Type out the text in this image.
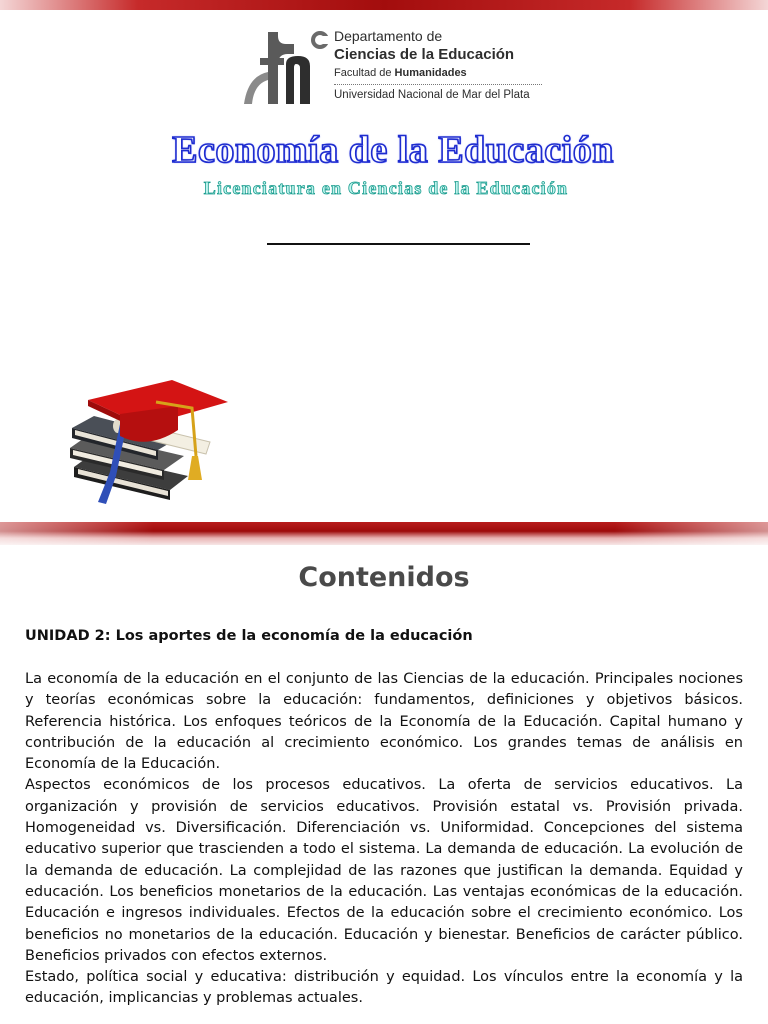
Departamento de
Ciencias de la Educación
Facultad de Humanidades
Universidad Nacional de Mar del Plata
Economía de la Educación
Licenciatura en Ciencias de la Educación
Contenidos
UNIDAD 2: Los aportes de la economía de la educación

La economía de la educación en el conjunto de las Ciencias de la educación. Principales nociones y teorías económicas sobre la educación: fundamentos, definiciones y objetivos básicos. Referencia histórica. Los enfoques teóricos de la Economía de la Educación. Capital humano y contribución de la educación al crecimiento económico. Los grandes temas de análisis en Economía de la Educación.

Aspectos económicos de los procesos educativos. La oferta de servicios educativos. La organización y provisión de servicios educativos. Provisión estatal vs. Provisión privada. Homogeneidad vs. Diversificación. Diferenciación vs. Uniformidad. Concepciones del sistema educativo superior que trascienden a todo el sistema. La demanda de educación. La evolución de la demanda de educación. La complejidad de las razones que justifican la demanda. Equidad y educación. Los beneficios monetarios de la educación. Las ventajas económicas de la educación. Educación e ingresos individuales. Efectos de la educación sobre el crecimiento económico. Los beneficios no monetarios de la educación. Educación y bienestar. Beneficios de carácter público. Beneficios privados con efectos externos.

Estado, política social y educativa: distribución y equidad. Los vínculos entre la economía y la educación, implicancias y problemas actuales.
